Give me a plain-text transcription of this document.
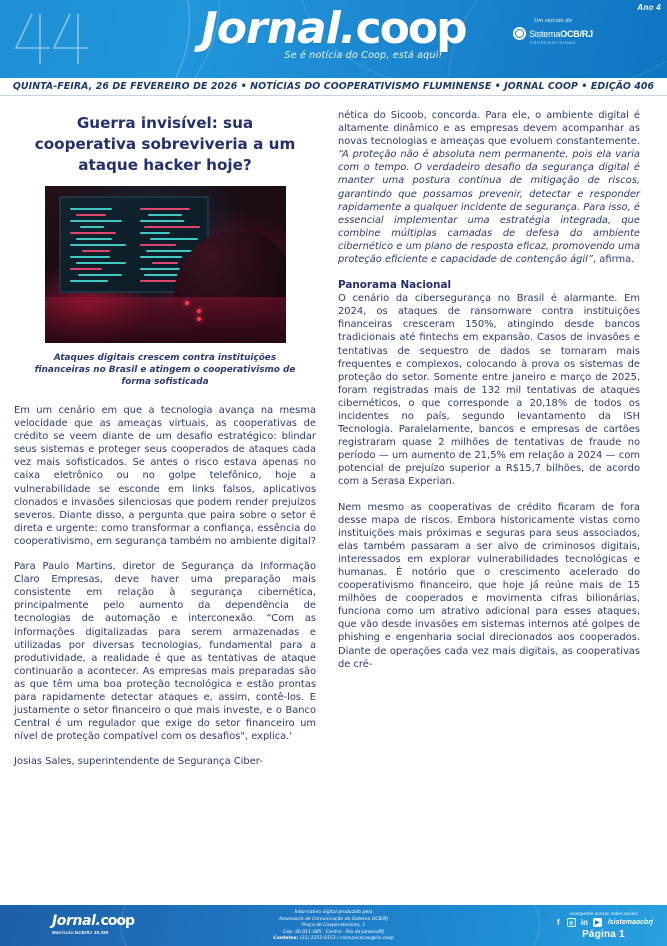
Ano 4
Jornal.coop
Se é notícia do Coop, está aqui!
Um veículo do
SistemaOCB/RJ
COOPERATIVISMO
QUINTA-FEIRA, 26 DE FEVEREIRO DE 2026 • NOTÍCIAS DO COOPERATIVISMO FLUMINENSE • JORNAL COOP • EDIÇÃO 406
Guerra invisível: sua cooperativa sobreviveria a um ataque hacker hoje?
Ataques digitais crescem contra instituições financeiras no Brasil e atingem o cooperativismo de forma sofisticada

Em um cenário em que a tecnologia avança na mesma velocidade que as ameaças virtuais, as cooperativas de crédito se veem diante de um desafio estratégico: blindar seus sistemas e proteger seus cooperados de ataques cada vez mais sofisticados. Se antes o risco estava apenas no caixa eletrônico ou no golpe telefônico, hoje a vulnerabilidade se esconde em links falsos, aplicativos clonados e invasões silenciosas que podem render prejuízos severos. Diante disso, a pergunta que paira sobre o setor é direta e urgente: como transformar a confiança, essência do cooperativismo, em segurança também no ambiente digital?

Para Paulo Martins, diretor de Segurança da Informação Claro Empresas, deve haver uma preparação mais consistente em relação à segurança cibernética, principalmente pelo aumento da dependência de tecnologias de automação e interconexão. “Com as informações digitalizadas para serem armazenadas e utilizadas por diversas tecnologias, fundamental para a produtividade, a realidade é que as tentativas de ataque continuarão a acontecer. As empresas mais preparadas são as que têm uma boa proteção tecnológica e estão prontas para rapidamente detectar ataques e, assim, contê-los. E justamente o setor financeiro o que mais investe, e o Banco Central é um regulador que exige do setor financeiro um nível de proteção compatível com os desafios", explica.'

Josias Sales, superintendente de Segurança Ciber-

nética do Sicoob, concorda. Para ele, o ambiente digital é altamente dinâmico e as empresas devem acompanhar as novas tecnologias e ameaças que evoluem constantemente. “A proteção não é absoluta nem permanente, pois ela varia com o tempo. O verdadeiro desafio da segurança digital é manter uma postura contínua de mitigação de riscos, garantindo que possamos prevenir, detectar e responder rapidamente a qualquer incidente de segurança. Para isso, é essencial implementar uma estratégia integrada, que combine múltiplas camadas de defesa do ambiente cibernético e um plano de resposta eficaz, promovendo uma proteção eficiente e capacidade de contenção ágil”, afirma.

Panorama Nacional

O cenário da cibersegurança no Brasil é alarmante. Em 2024, os ataques de ransomware contra instituições financeiras cresceram 150%, atingindo desde bancos tradicionais até fintechs em expansão. Casos de invasões e tentativas de sequestro de dados se tornaram mais frequentes e complexos, colocando à prova os sistemas de proteção do setor. Somente entre janeiro e março de 2025, foram registradas mais de 132 mil tentativas de ataques cibernéticos, o que corresponde a 20,18% de todos os incidentes no país, segundo levantamento da ISH Tecnologia. Paralelamente, bancos e empresas de cartões registraram quase 2 milhões de tentativas de fraude no período — um aumento de 21,5% em relação a 2024 — com potencial de prejuízo superior a R$15,7 bilhões, de acordo com a Serasa Experian.

Nem mesmo as cooperativas de crédito ficaram de fora desse mapa de riscos. Embora historicamente vistas como instituições mais próximas e seguras para seus associados, elas também passaram a ser alvo de criminosos digitais, interessados em explorar vulnerabilidades tecnológicas e humanas. É notório que o crescimento acelerado do cooperativismo financeiro, que hoje já reúne mais de 15 milhões de cooperados e movimenta cifras bilionárias, funciona como um atrativo adicional para esses ataques, que vão desde invasões em sistemas internos até golpes de phishing e engenharia social direcionados aos cooperados. Diante de operações cada vez mais digitais, as cooperativas de cré-

Jornal.coop
Matrícula MCB/RJ 38.389
Informativo digital produzido pela
Assessoria de Comunicação do Sistema OCB/RJ
Praça do Cooperativismo, 1
Cep: 20.011-005 - Centro - Rio de Janeiro/RJ
Contatos: (21) 2252-0153 / comunicacao@rio.coop
Acompanhe nossas redes sociais
f	◎ in	▶	/sistemaocbrj
Página 1
